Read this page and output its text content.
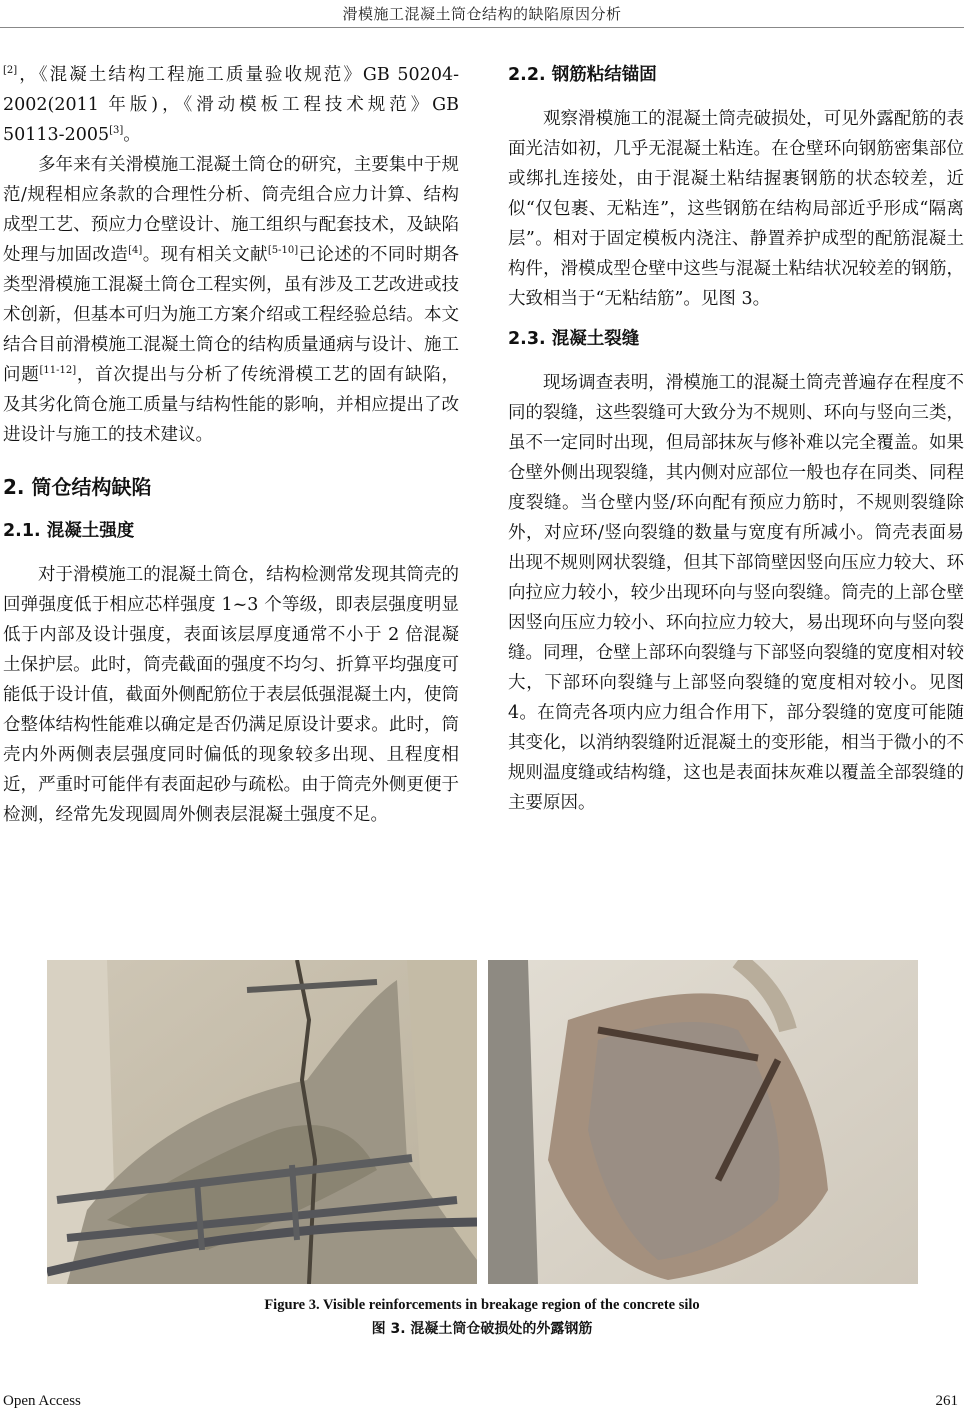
滑模施工混凝土筒仓结构的缺陷原因分析

[2]，《混凝土结构工程施工质量验收规范》GB 50204-2002(2011 年版)，《滑动模板工程技术规范》GB 50113-2005[3]。

多年来有关滑模施工混凝土筒仓的研究，主要集中于规范/规程相应条款的合理性分析、筒壳组合应力计算、结构成型工艺、预应力仓壁设计、施工组织与配套技术，及缺陷处理与加固改造[4]。现有相关文献[5-10]已论述的不同时期各类型滑模施工混凝土筒仓工程实例，虽有涉及工艺改进或技术创新，但基本可归为施工方案介绍或工程经验总结。本文结合目前滑模施工混凝土筒仓的结构质量通病与设计、施工问题[11-12]，首次提出与分析了传统滑模工艺的固有缺陷，及其劣化筒仓施工质量与结构性能的影响，并相应提出了改进设计与施工的技术建议。

2. 筒仓结构缺陷
2.1. 混凝土强度

对于滑模施工的混凝土筒仓，结构检测常发现其筒壳的回弹强度低于相应芯样强度 1~3 个等级，即表层强度明显低于内部及设计强度，表面该层厚度通常不小于 2 倍混凝土保护层。此时，筒壳截面的强度不均匀、折算平均强度可能低于设计值，截面外侧配筋位于表层低强混凝土内，使筒仓整体结构性能难以确定是否仍满足原设计要求。此时，筒壳内外两侧表层强度同时偏低的现象较多出现、且程度相近，严重时可能伴有表面起砂与疏松。由于筒壳外侧更便于检测，经常先发现圆周外侧表层混凝土强度不足。

2.2. 钢筋粘结锚固

观察滑模施工的混凝土筒壳破损处，可见外露配筋的表面光洁如初，几乎无混凝土粘连。在仓壁环向钢筋密集部位或绑扎连接处，由于混凝土粘结握裹钢筋的状态较差，近似“仅包裹、无粘连”，这些钢筋在结构局部近乎形成“隔离层”。相对于固定模板内浇注、静置养护成型的配筋混凝土构件，滑模成型仓壁中这些与混凝土粘结状况较差的钢筋，大致相当于“无粘结筋”。见图 3。

2.3. 混凝土裂缝

现场调查表明，滑模施工的混凝土筒壳普遍存在程度不同的裂缝，这些裂缝可大致分为不规则、环向与竖向三类，虽不一定同时出现，但局部抹灰与修补难以完全覆盖。如果仓壁外侧出现裂缝，其内侧对应部位一般也存在同类、同程度裂缝。当仓壁内竖/环向配有预应力筋时，不规则裂缝除外，对应环/竖向裂缝的数量与宽度有所减小。筒壳表面易出现不规则网状裂缝，但其下部筒壁因竖向压应力较大、环向拉应力较小，较少出现环向与竖向裂缝。筒壳的上部仓壁因竖向压应力较小、环向拉应力较大，易出现环向与竖向裂缝。同理，仓壁上部环向裂缝与下部竖向裂缝的宽度相对较大，下部环向裂缝与上部竖向裂缝的宽度相对较小。见图 4。在筒壳各项内应力组合作用下，部分裂缝的宽度可能随其变化，以消纳裂缝附近混凝土的变形能，相当于微小的不规则温度缝或结构缝，这也是表面抹灰难以覆盖全部裂缝的主要原因。

Figure 3. Visible reinforcements in breakage region of the concrete silo
图 3. 混凝土筒仓破损处的外露钢筋
Open Access	261
